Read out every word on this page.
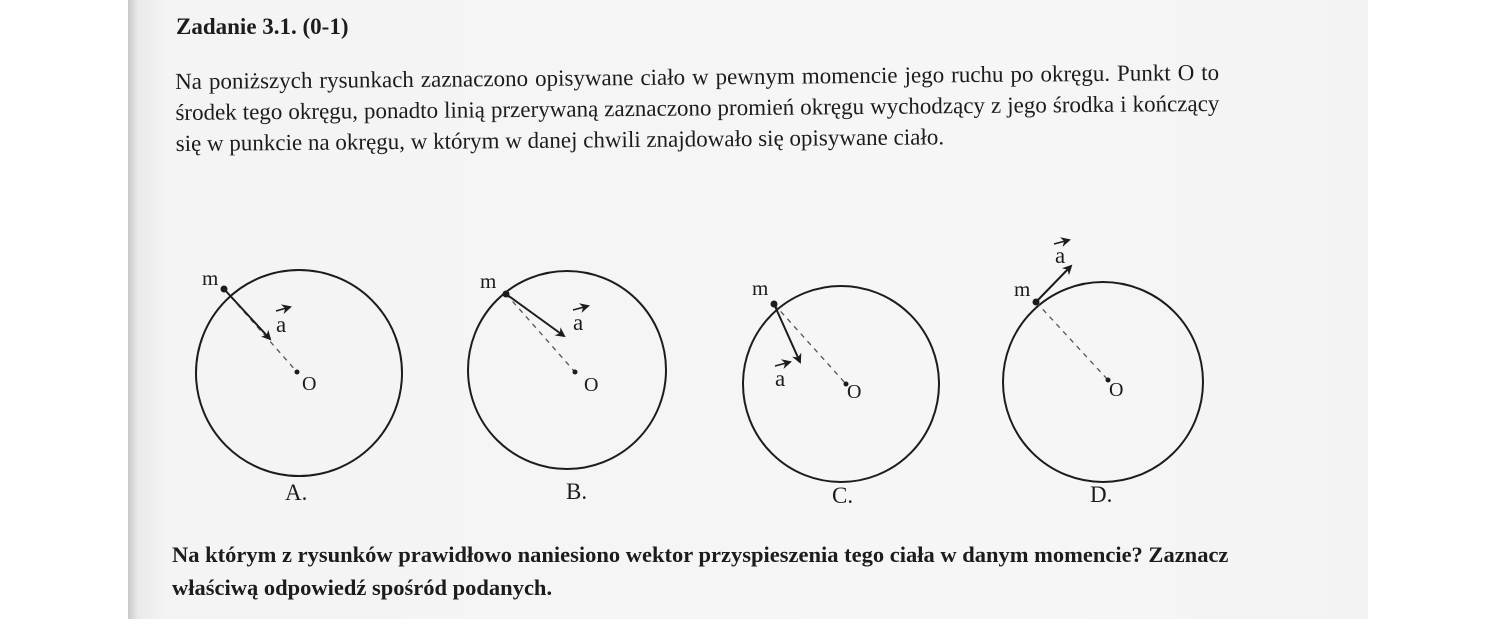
Zadanie 3.1. (0-1)
Na poniższych rysunkach zaznaczono opisywane ciało w pewnym momencie jego ruchu po okręgu. Punkt O to środek tego okręgu, ponadto linią przerywaną zaznaczono promień okręgu wychodzący z jego środka i kończący się w punkcie na okręgu, w którym w danej chwili znajdowało się opisywane ciało.
m
a
O
A.
m
a
O
B.
m
a
O
C.
m
a
O
D.
Na którym z rysunków prawidłowo naniesiono wektor przyspieszenia tego ciała w danym momencie? Zaznacz właściwą odpowiedź spośród podanych.
